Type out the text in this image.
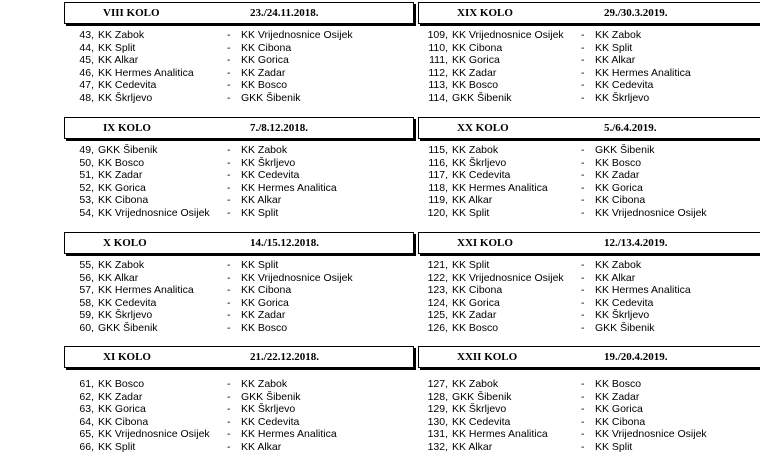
VIII KOLO	23./24.11.2018.
43, KK Zabok	- KK Vrijednosnice Osijek
44, KK Split	- KK Cibona
45, KK Alkar	- KK Gorica
46, KK Hermes Analitica	- KK Zadar
47, KK Cedevita	- KK Bosco
48, KK Škrljevo	- GKK Šibenik
XIX KOLO	29./30.3.2019.
109, KK Vrijednosnice Osijek - KK Zabok
110, KK Cibona	- KK Split
111, KK Gorica	- KK Alkar
112, KK Zadar	- KK Hermes Analitica
113, KK Bosco	- KK Cedevita
114, GKK Šibenik	- KK Škrljevo
IX KOLO	7./8.12.2018.
49, GKK Šibenik	- KK Zabok
50, KK Bosco	- KK Škrljevo
51, KK Zadar	- KK Cedevita
52, KK Gorica	- KK Hermes Analitica
53, KK Cibona	- KK Alkar
54, KK Vrijednosnice Osijek - KK Split
XX KOLO	5./6.4.2019.
115, KK Zabok	- GKK Šibenik
116, KK Škrljevo	- KK Bosco
117, KK Cedevita	- KK Zadar
118, KK Hermes Analitica	- KK Gorica
119, KK Alkar	- KK Cibona
120, KK Split	- KK Vrijednosnice Osijek
X KOLO	14./15.12.2018.
55, KK Zabok	- KK Split
56, KK Alkar	- KK Vrijednosnice Osijek
57, KK Hermes Analitica	- KK Cibona
58, KK Cedevita	- KK Gorica
59, KK Škrljevo	- KK Zadar
60, GKK Šibenik	- KK Bosco
XXI KOLO	12./13.4.2019.
121, KK Split	- KK Zabok
122, KK Vrijednosnice Osijek - KK Alkar
123, KK Cibona	- KK Hermes Analitica
124, KK Gorica	- KK Cedevita
125, KK Zadar	- KK Škrljevo
126, KK Bosco	- GKK Šibenik
XI KOLO	21./22.12.2018.
61, KK Bosco	- KK Zabok
62, KK Zadar	- GKK Šibenik
63, KK Gorica	- KK Škrljevo
64, KK Cibona	- KK Cedevita
65, KK Vrijednosnice Osijek - KK Hermes Analitica
66, KK Split	- KK Alkar
XXII KOLO	19./20.4.2019.
127, KK Zabok	- KK Bosco
128, GKK Šibenik	- KK Zadar
129, KK Škrljevo	- KK Gorica
130, KK Cedevita	- KK Cibona
131, KK Hermes Analitica	- KK Vrijednosnice Osijek
132, KK Alkar	- KK Split
